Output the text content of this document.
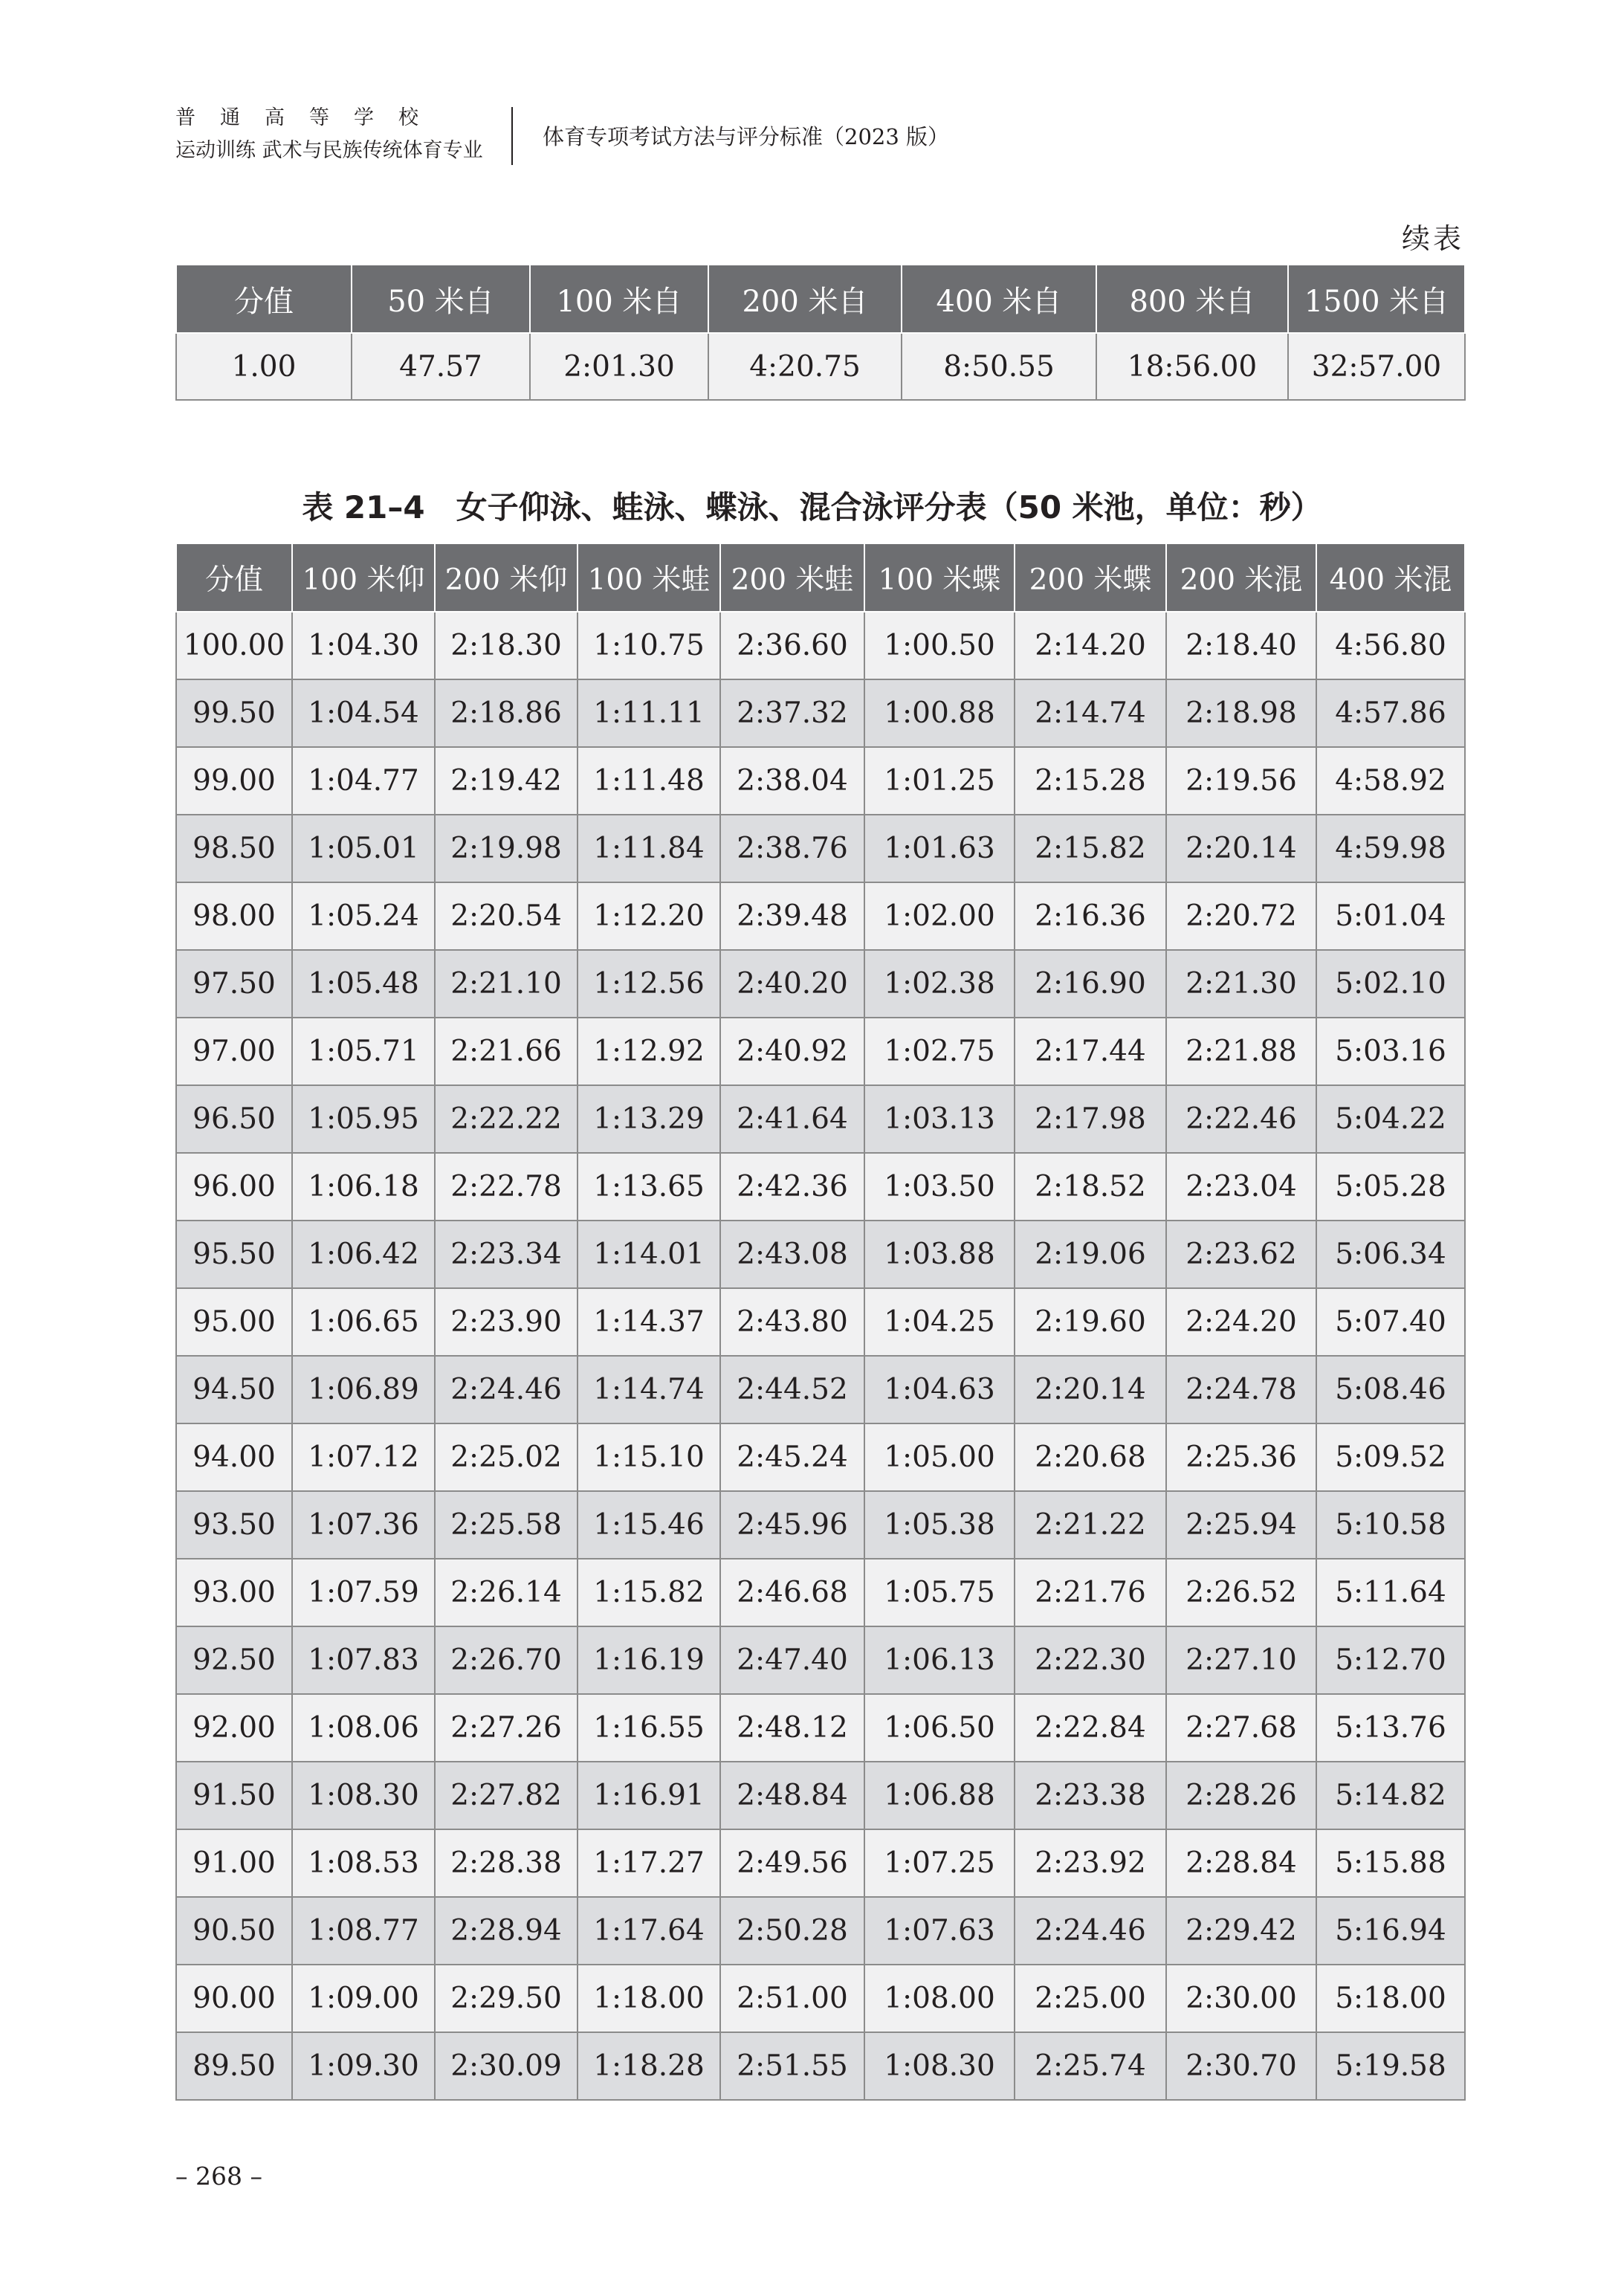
普通高等学校
运动训练 武术与民族传统体育专业
体育专项考试方法与评分标准（2023 版）
续表
分值	50 米自	100 米自	200 米自	400 米自	800 米自	1500 米自
1.00	47.57	2:01.30	4:20.75	8:50.55	18:56.00	32:57.00
表 21–4　女子仰泳、蛙泳、蝶泳、混合泳评分表（50 米池，单位：秒）
分值	100 米仰	200 米仰	100 米蛙	200 米蛙	100 米蝶	200 米蝶	200 米混	400 米混
100.00	1:04.30	2:18.30	1:10.75	2:36.60	1:00.50	2:14.20	2:18.40	4:56.80
99.50	1:04.54	2:18.86	1:11.11	2:37.32	1:00.88	2:14.74	2:18.98	4:57.86
99.00	1:04.77	2:19.42	1:11.48	2:38.04	1:01.25	2:15.28	2:19.56	4:58.92
98.50	1:05.01	2:19.98	1:11.84	2:38.76	1:01.63	2:15.82	2:20.14	4:59.98
98.00	1:05.24	2:20.54	1:12.20	2:39.48	1:02.00	2:16.36	2:20.72	5:01.04
97.50	1:05.48	2:21.10	1:12.56	2:40.20	1:02.38	2:16.90	2:21.30	5:02.10
97.00	1:05.71	2:21.66	1:12.92	2:40.92	1:02.75	2:17.44	2:21.88	5:03.16
96.50	1:05.95	2:22.22	1:13.29	2:41.64	1:03.13	2:17.98	2:22.46	5:04.22
96.00	1:06.18	2:22.78	1:13.65	2:42.36	1:03.50	2:18.52	2:23.04	5:05.28
95.50	1:06.42	2:23.34	1:14.01	2:43.08	1:03.88	2:19.06	2:23.62	5:06.34
95.00	1:06.65	2:23.90	1:14.37	2:43.80	1:04.25	2:19.60	2:24.20	5:07.40
94.50	1:06.89	2:24.46	1:14.74	2:44.52	1:04.63	2:20.14	2:24.78	5:08.46
94.00	1:07.12	2:25.02	1:15.10	2:45.24	1:05.00	2:20.68	2:25.36	5:09.52
93.50	1:07.36	2:25.58	1:15.46	2:45.96	1:05.38	2:21.22	2:25.94	5:10.58
93.00	1:07.59	2:26.14	1:15.82	2:46.68	1:05.75	2:21.76	2:26.52	5:11.64
92.50	1:07.83	2:26.70	1:16.19	2:47.40	1:06.13	2:22.30	2:27.10	5:12.70
92.00	1:08.06	2:27.26	1:16.55	2:48.12	1:06.50	2:22.84	2:27.68	5:13.76
91.50	1:08.30	2:27.82	1:16.91	2:48.84	1:06.88	2:23.38	2:28.26	5:14.82
91.00	1:08.53	2:28.38	1:17.27	2:49.56	1:07.25	2:23.92	2:28.84	5:15.88
90.50	1:08.77	2:28.94	1:17.64	2:50.28	1:07.63	2:24.46	2:29.42	5:16.94
90.00	1:09.00	2:29.50	1:18.00	2:51.00	1:08.00	2:25.00	2:30.00	5:18.00
89.50	1:09.30	2:30.09	1:18.28	2:51.55	1:08.30	2:25.74	2:30.70	5:19.58
– 268 –
